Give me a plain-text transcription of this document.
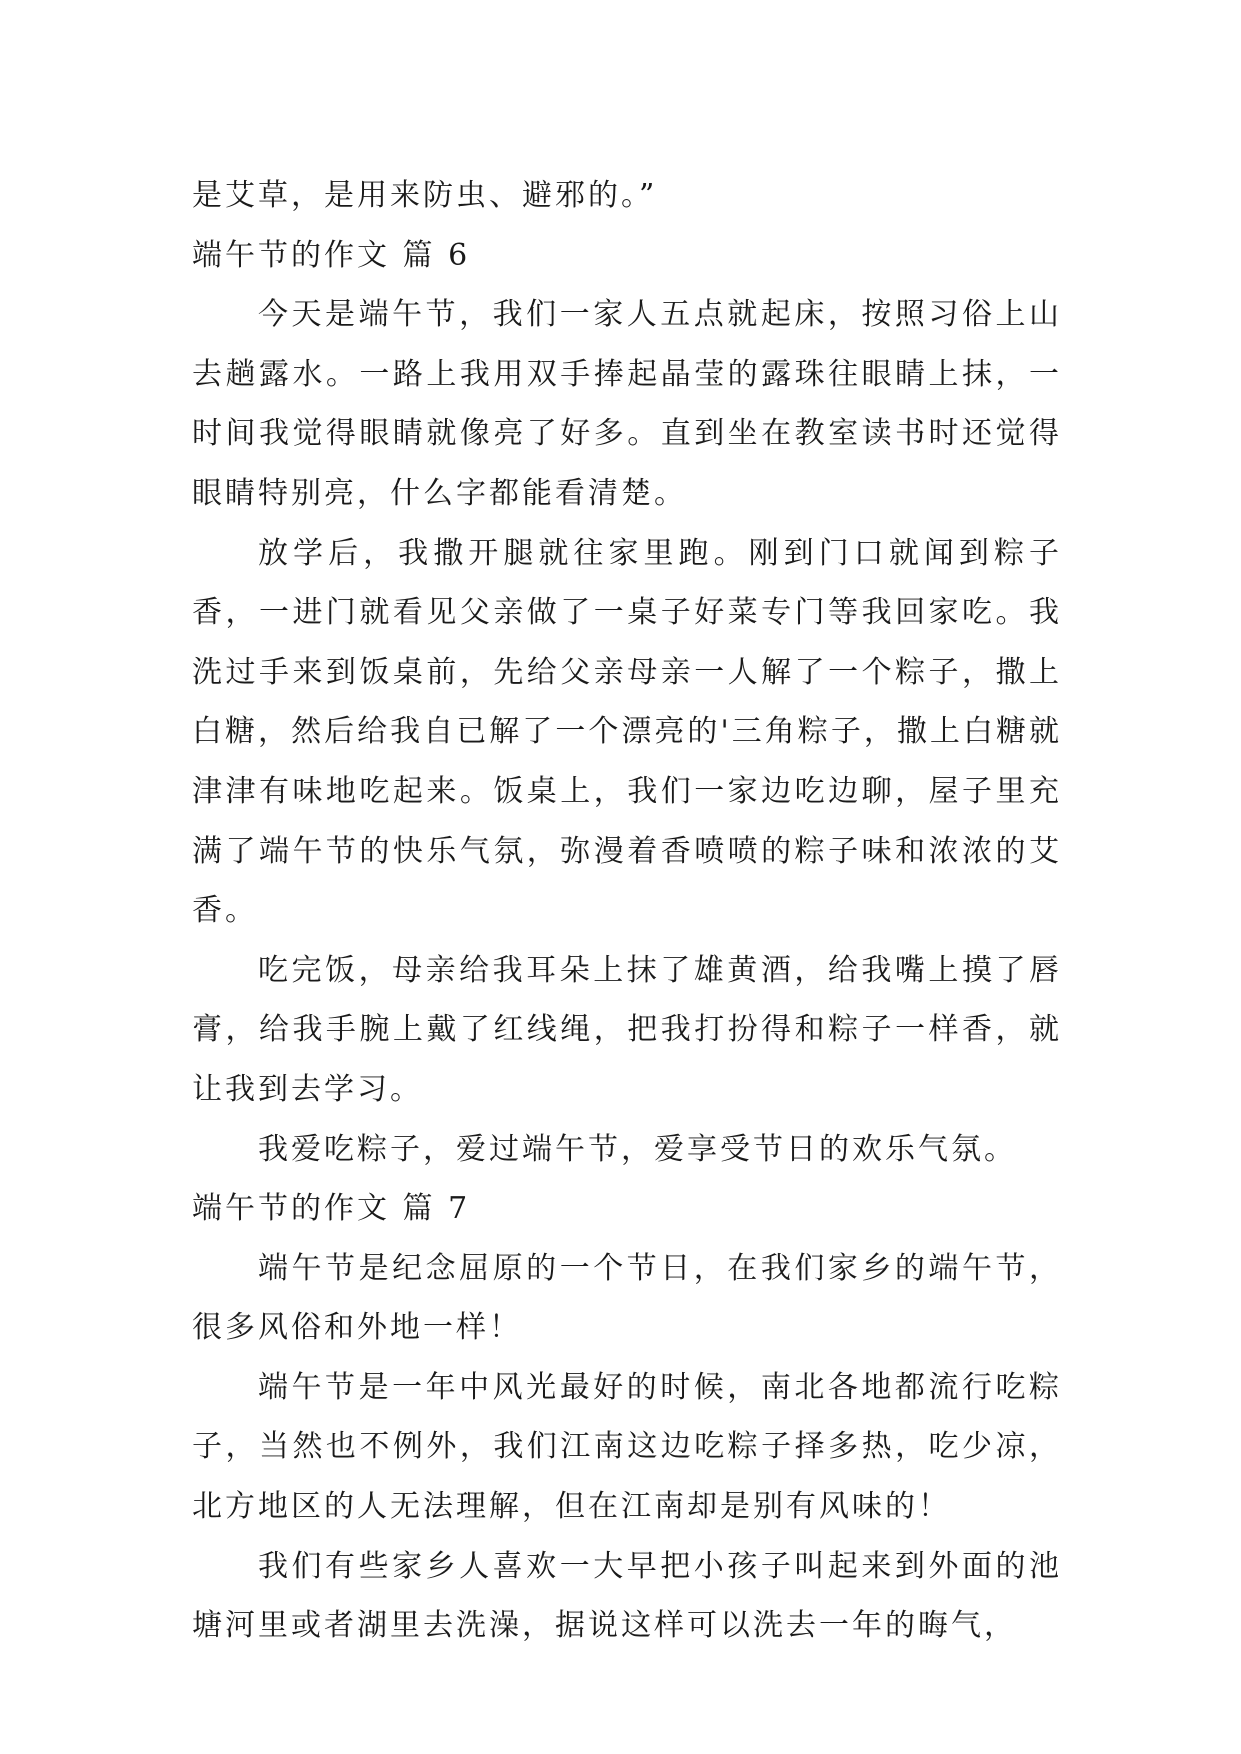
是艾草，是用来防虫、避邪的。”

端午节的作文 篇 6

今天是端午节，我们一家人五点就起床，按照习俗上山去趟露水。一路上我用双手捧起晶莹的露珠往眼睛上抹，一时间我觉得眼睛就像亮了好多。直到坐在教室读书时还觉得眼睛特别亮，什么字都能看清楚。

放学后，我撒开腿就往家里跑。刚到门口就闻到粽子香，一进门就看见父亲做了一桌子好菜专门等我回家吃。我洗过手来到饭桌前，先给父亲母亲一人解了一个粽子，撒上白糖，然后给我自已解了一个漂亮的'三角粽子，撒上白糖就津津有味地吃起来。饭桌上，我们一家边吃边聊，屋子里充满了端午节的快乐气氛，弥漫着香喷喷的粽子味和浓浓的艾香。

吃完饭，母亲给我耳朵上抹了雄黄酒，给我嘴上摸了唇膏，给我手腕上戴了红线绳，把我打扮得和粽子一样香，就让我到去学习。

我爱吃粽子，爱过端午节，爱享受节日的欢乐气氛。

端午节的作文 篇 7

端午节是纪念屈原的一个节日，在我们家乡的端午节，很多风俗和外地一样！

端午节是一年中风光最好的时候，南北各地都流行吃粽子，当然也不例外，我们江南这边吃粽子择多热，吃少凉，北方地区的人无法理解，但在江南却是别有风味的！

我们有些家乡人喜欢一大早把小孩子叫起来到外面的池塘河里或者湖里去洗澡，据说这样可以洗去一年的晦气，
